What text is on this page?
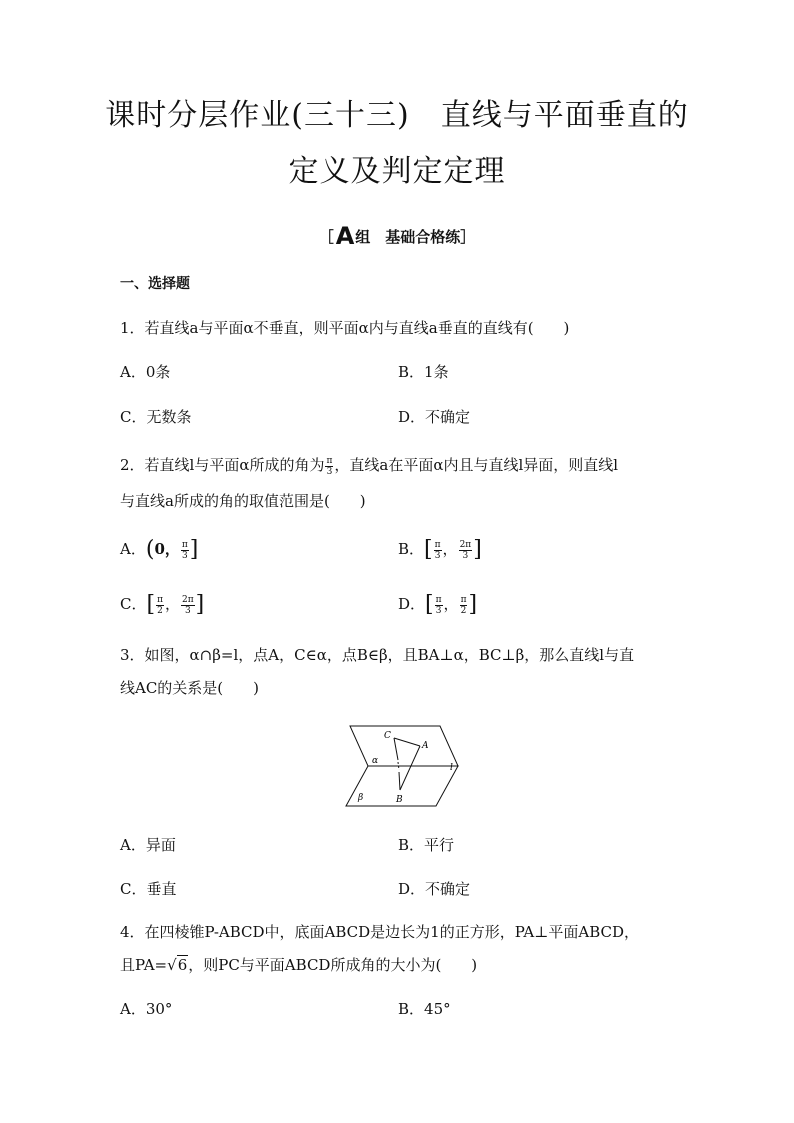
课时分层作业(三十三)　直线与平面垂直的
定义及判定定理
［A组　基础合格练］
一、选择题
1．若直线a与平面α不垂直，则平面α内与直线a垂直的直线有(　　)
A．0条	B．1条
C．无数条	D．不确定
2．若直线l与平面α所成的角为 $\frac{\pi}{3}$ ，直线a在平面α内且与直线l异面，则直线l
与直线a所成的角的取值范围是(　　)
A．(0， $\frac{\pi}{3}$ ]	B．[ $\frac{\pi}{3}$ ， $\frac{2\pi}{3}$ ]
C．[ $\frac{\pi}{2}$ ， $\frac{2\pi}{3}$ ]	D．[ $\frac{\pi}{3}$ ， $\frac{\pi}{2}$ ]
3．如图，α∩β=l，点A，C∈α，点B∈β，且BA⊥α，BC⊥β，那么直线l与直
线AC的关系是(　　)
C
A
α
l
β	B
A．异面	B．平行
C．垂直	D．不确定
4．在四棱锥P-ABCD中，底面ABCD是边长为1的正方形，PA⊥平面ABCD，
且PA=√6，则PC与平面ABCD所成角的大小为(　　)
A．30°	B．45°
